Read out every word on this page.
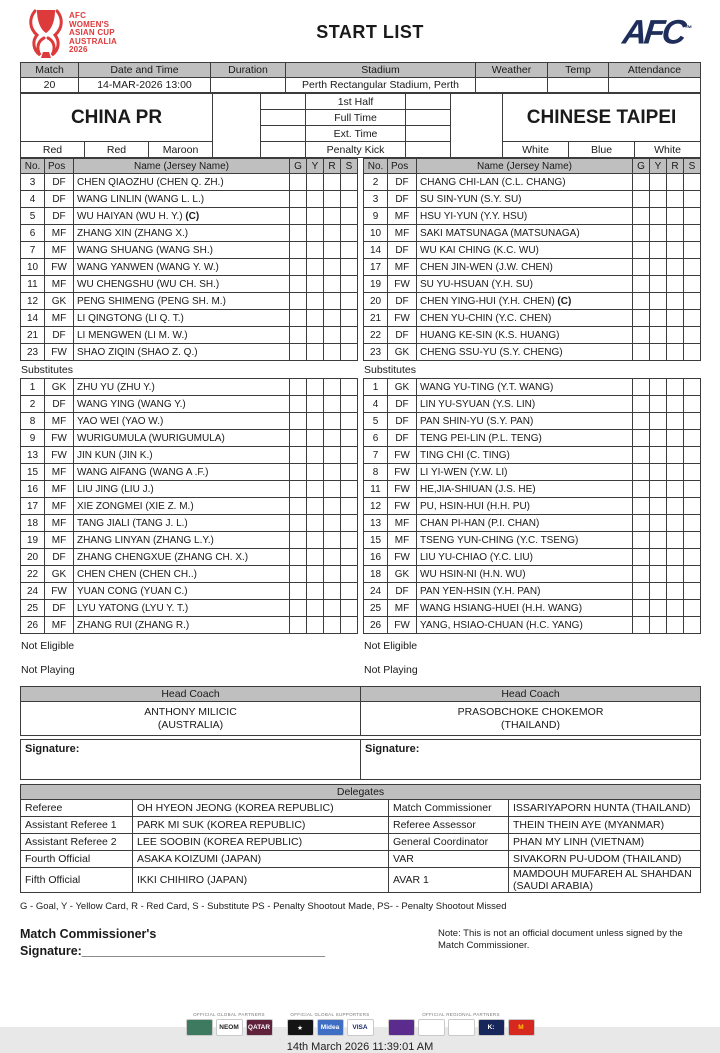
AFC
WOMEN'S
ASIAN CUP
AUSTRALIA
2026
START LIST	AFC™
Match	Date and Time	Duration	Stadium	Weather	Temp	Attendance
20	14-MAR-2026 13:00		Perth Rectangular Stadium, Perth			
CHINA PR					1st Half			CHINESE TAIPEI		
					Full Time					
					Ext. Time					
Red	Red	Maroon			Penalty Kick			White	Blue	White
No.	Pos	Name (Jersey Name)	G	Y	R	S
3	DF	CHEN QIAOZHU (CHEN Q. ZH.)				
4	DF	WANG LINLIN (WANG L. L.)				
5	DF	WU HAIYAN (WU H. Y.) (C)				
6	MF	ZHANG XIN (ZHANG X.)				
7	MF	WANG SHUANG (WANG SH.)				
10	FW	WANG YANWEN (WANG Y. W.)				
11	MF	WU CHENGSHU (WU CH. SH.)				
12	GK	PENG SHIMENG (PENG SH. M.)				
14	MF	LI QINGTONG (LI Q. T.)				
21	DF	LI MENGWEN (LI M. W.)				
23	FW	SHAO ZIQIN (SHAO Z. Q.)				
Substitutes
1	GK	ZHU YU (ZHU Y.)				
2	DF	WANG YING (WANG Y.)				
8	MF	YAO WEI (YAO W.)				
9	FW	WURIGUMULA (WURIGUMULA)				
13	FW	JIN KUN (JIN K.)				
15	MF	WANG AIFANG (WANG A .F.)				
16	MF	LIU JING (LIU J.)				
17	MF	XIE ZONGMEI (XIE Z. M.)				
18	MF	TANG JIALI (TANG J. L.)				
19	MF	ZHANG LINYAN (ZHANG L.Y.)				
20	DF	ZHANG CHENGXUE (ZHANG CH. X.)				
22	GK	CHEN CHEN (CHEN CH..)				
24	FW	YUAN CONG (YUAN C.)				
25	DF	LYU YATONG (LYU Y. T.)				
26	MF	ZHANG RUI (ZHANG R.)				
Not Eligible
Not Playing
No.	Pos	Name (Jersey Name)	G	Y	R	S
2	DF	CHANG CHI-LAN (C.L. CHANG)				
3	DF	SU SIN-YUN (S.Y. SU)				
9	MF	HSU YI-YUN (Y.Y. HSU)				
10	MF	SAKI MATSUNAGA (MATSUNAGA)				
14	DF	WU KAI CHING (K.C. WU)				
17	MF	CHEN JIN-WEN (J.W. CHEN)				
19	FW	SU YU-HSUAN (Y.H. SU)				
20	DF	CHEN YING-HUI (Y.H. CHEN) (C)				
21	FW	CHEN YU-CHIN (Y.C. CHEN)				
22	DF	HUANG KE-SIN (K.S. HUANG)				
23	GK	CHENG SSU-YU (S.Y. CHENG)				
Substitutes
1	GK	WANG YU-TING (Y.T. WANG)				
4	DF	LIN YU-SYUAN (Y.S. LIN)				
5	DF	PAN SHIN-YU (S.Y. PAN)				
6	DF	TENG PEI-LIN (P.L. TENG)				
7	FW	TING CHI (C. TING)				
8	FW	LI YI-WEN (Y.W. LI)				
11	FW	HE,JIA-SHIUAN (J.S. HE)				
12	FW	PU, HSIN-HUI (H.H. PU)				
13	MF	CHAN PI-HAN (P.I. CHAN)				
15	MF	TSENG YUN-CHING (Y.C. TSENG)				
16	FW	LIU YU-CHIAO (Y.C. LIU)				
18	GK	WU HSIN-NI (H.N. WU)				
24	DF	PAN YEN-HSIN (Y.H. PAN)				
25	MF	WANG HSIANG-HUEI (H.H. WANG)				
26	FW	YANG, HSIAO-CHUAN (H.C. YANG)				
Not Eligible
Not Playing
Head Coach	Head Coach

ANTHONY MILICIC
(AUSTRALIA)

PRASOBCHOKE CHOKEMOR
(THAILAND)
Signature:	Signature:
Delegates			
Referee	OH HYEON JEONG (KOREA REPUBLIC)	Match Commissioner	ISSARIYAPORN HUNTA (THAILAND)
Assistant Referee 1	PARK MI SUK (KOREA REPUBLIC)	Referee Assessor	THEIN THEIN AYE (MYANMAR)
Assistant Referee 2	LEE SOOBIN (KOREA REPUBLIC)	General Coordinator	PHAN MY LINH (VIETNAM)
Fourth Official	ASAKA KOIZUMI (JAPAN)	VAR	SIVAKORN PU-UDOM (THAILAND)
Fifth Official	IKKI CHIHIRO (JAPAN)	AVAR 1	MAMDOUH MUFAREH AL SHAHDAN (SAUDI ARABIA)
G - Goal, Y - Yellow Card, R - Red Card, S - Substitute PS - Penalty Shootout Made, PS- - Penalty Shootout Missed
Match Commissioner's
Signature:___________________________________
Note: This is not an official document unless signed by the Match Commissioner.
OFFICIAL GLOBAL PARTNERS
NEOM	QATAR
OFFICIAL GLOBAL SUPPORTERS
★	Midea	VISA
OFFICIAL REGIONAL PARTNERS
K:	M
14th March 2026 11:39:01 AM
